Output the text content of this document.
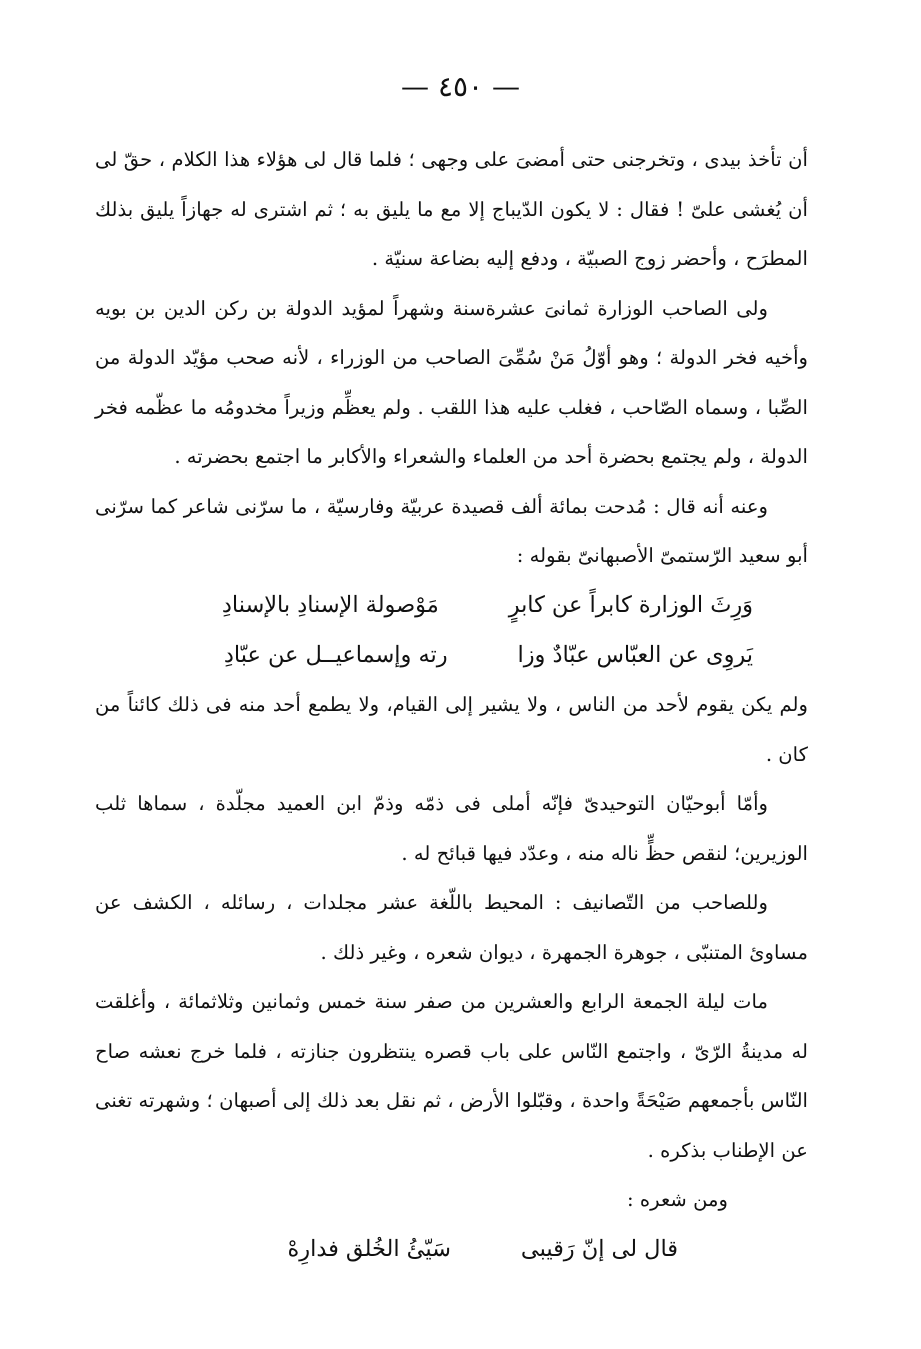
— ٤٥٠ —

أن تأخذ بيدى ، وتخرجنى حتى أمضىَ على وجهى ؛ فلما قال لى هؤلاء هذا الكلام ، حقّ لى أن يُغشى علىّ ! فقال : لا يكون الدّيباج إلا مع ما يليق به ؛ ثم اشترى له جهازاً يليق بذلك المطرَح ، وأحضر زوج الصبيّة ، ودفع إليه بضاعة سنيّة .

ولى الصاحب الوزارة ثمانىَ عشرةسنة وشهراً لمؤيد الدولة بن ركن الدين بن بويه وأخيه فخر الدولة ؛ وهو أوّلُ مَنْ سُمِّىَ الصاحب من الوزراء ، لأنه صحب مؤيّد الدولة من الصِّبا ، وسماه الصّاحب ، فغلب عليه هذا اللقب . ولم يعظِّم وزيراً مخدومُه ما عظّمه فخر الدولة ، ولم يجتمع بحضرة أحد من العلماء والشعراء والأكابر ما اجتمع بحضرته .

وعنه أنه قال : مُدحت بمائة ألف قصيدة عربيّة وفارسيّة ، ما سرّنى شاعر كما سرّنى أبو سعيد الرّستمىّ الأصبهانىّ بقوله :

وَرِثَ الوزارة كابراً عن كابرٍ
مَوْصولة الإسنادِ بالإسنادِ
يَروِى عن العبّاس عبّادٌ وزا
رته وإسماعيــل عن عبّادِ

ولم يكن يقوم لأحد من الناس ، ولا يشير إلى القيام، ولا يطمع أحد منه فى ذلك كائناً من كان .

وأمّا أبوحيّان التوحيدىّ فإنّه أملى فى ذمّه وذمّ ابن العميد مجلّدة ، سماها ثلب الوزيرين؛ لنقص حظٍّ ناله منه ، وعدّد فيها قبائح له .

وللصاحب من التّصانيف : المحيط باللّغة عشر مجلدات ، رسائله ، الكشف عن مساوئ المتنبّى ، جوهرة الجمهرة ، ديوان شعره ، وغير ذلك .

مات ليلة الجمعة الرابع والعشرين من صفر سنة خمس وثمانين وثلاثمائة ، وأغلقت له مدينةُ الرّىّ ، واجتمع النّاس على باب قصره ينتظرون جنازته ، فلما خرج نعشه صاح النّاس بأجمعهم صَيْحَةً واحدة ، وقبّلوا الأرض ، ثم نقل بعد ذلك إلى أصبهان ؛ وشهرته تغنى عن الإطناب بذكره .

ومن شعره :

قال لى إنّ رَقيبى
سَيّئُ الخُلق فدارِهْ
